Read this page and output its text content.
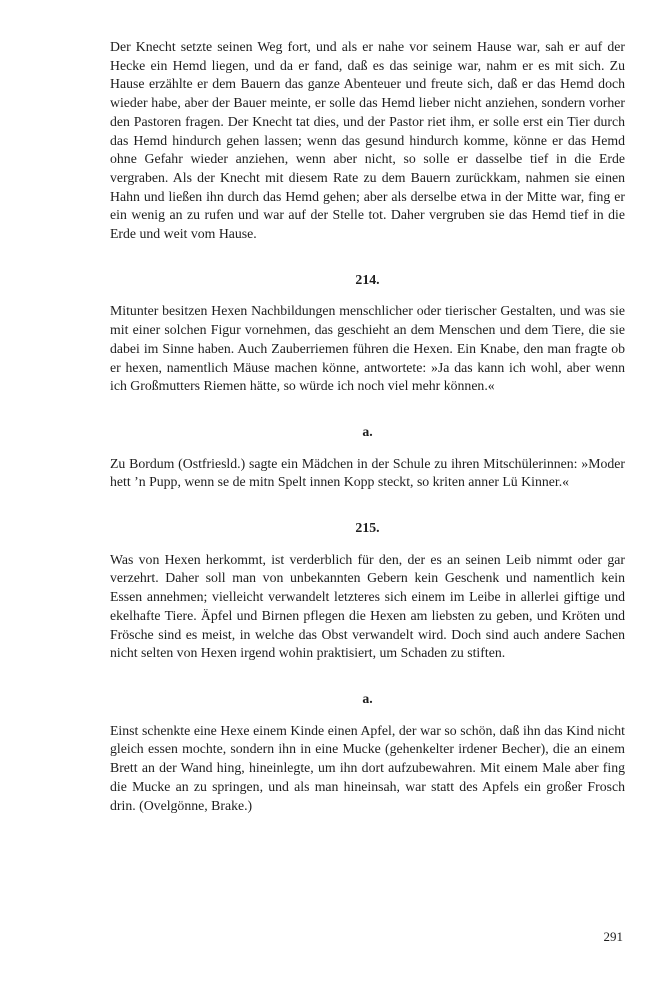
Der Knecht setzte seinen Weg fort, und als er nahe vor seinem Hause war, sah er auf der Hecke ein Hemd liegen, und da er fand, daß es das seinige war, nahm er es mit sich. Zu Hause erzählte er dem Bauern das ganze Abenteuer und freute sich, daß er das Hemd doch wieder habe, aber der Bauer meinte, er solle das Hemd lieber nicht anziehen, sondern vorher den Pastoren fragen. Der Knecht tat dies, und der Pastor riet ihm, er solle erst ein Tier durch das Hemd hindurch gehen lassen; wenn das gesund hindurch komme, könne er das Hemd ohne Gefahr wieder anziehen, wenn aber nicht, so solle er dasselbe tief in die Erde vergraben. Als der Knecht mit diesem Rate zu dem Bauern zurückkam, nahmen sie einen Hahn und ließen ihn durch das Hemd gehen; aber als derselbe etwa in der Mitte war, fing er ein wenig an zu rufen und war auf der Stelle tot. Daher vergruben sie das Hemd tief in die Erde und weit vom Hause.

214.

Mitunter besitzen Hexen Nachbildungen menschlicher oder tierischer Gestalten, und was sie mit einer solchen Figur vornehmen, das geschieht an dem Menschen und dem Tiere, die sie dabei im Sinne haben. Auch Zauberriemen führen die Hexen. Ein Knabe, den man fragte ob er hexen, namentlich Mäuse machen könne, antwortete: »Ja das kann ich wohl, aber wenn ich Großmutters Riemen hätte, so würde ich noch viel mehr können.«

a.

Zu Bordum (Ostfriesld.) sagte ein Mädchen in der Schule zu ihren Mitschülerinnen: »Moder hett ’n Pupp, wenn se de mitn Spelt innen Kopp steckt, so kriten anner Lü Kinner.«

215.

Was von Hexen herkommt, ist verderblich für den, der es an seinen Leib nimmt oder gar verzehrt. Daher soll man von unbekannten Gebern kein Geschenk und namentlich kein Essen annehmen; vielleicht verwandelt letzteres sich einem im Leibe in allerlei giftige und ekelhafte Tiere. Äpfel und Birnen pflegen die Hexen am liebsten zu geben, und Kröten und Frösche sind es meist, in welche das Obst verwandelt wird. Doch sind auch andere Sachen nicht selten von Hexen irgend wohin praktisiert, um Schaden zu stiften.

a.

Einst schenkte eine Hexe einem Kinde einen Apfel, der war so schön, daß ihn das Kind nicht gleich essen mochte, sondern ihn in eine Mucke (gehenkelter irdener Becher), die an einem Brett an der Wand hing, hineinlegte, um ihn dort aufzubewahren. Mit einem Male aber fing die Mucke an zu springen, und als man hineinsah, war statt des Apfels ein großer Frosch drin. (Ovelgönne, Brake.)

291
